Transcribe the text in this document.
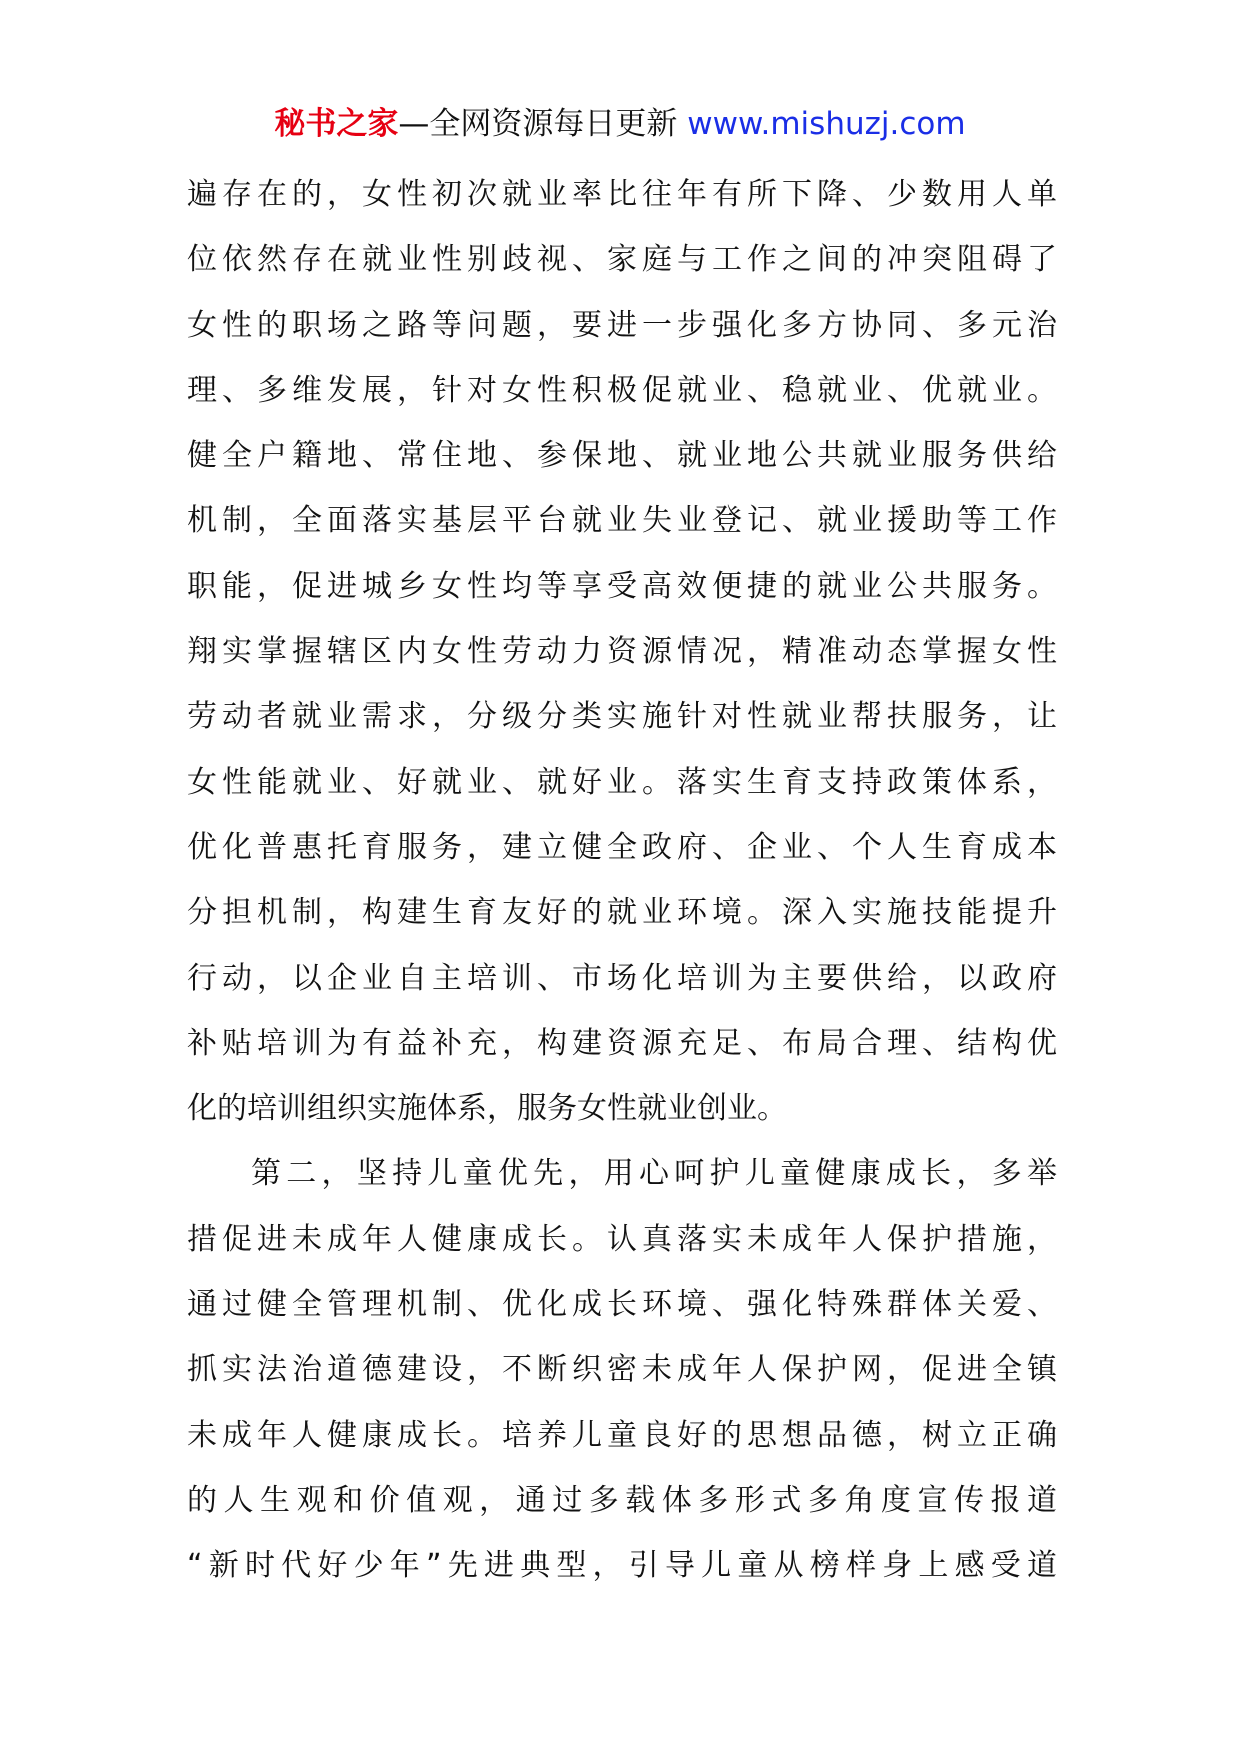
秘书之家—全网资源每日更新 www.mishuzj.com
遍存在的，女性初次就业率比往年有所下降、少数用人单
位依然存在就业性别歧视、家庭与工作之间的冲突阻碍了
女性的职场之路等问题，要进一步强化多方协同、多元治
理、多维发展，针对女性积极促就业、稳就业、优就业。
健全户籍地、常住地、参保地、就业地公共就业服务供给
机制，全面落实基层平台就业失业登记、就业援助等工作
职能，促进城乡女性均等享受高效便捷的就业公共服务。
翔实掌握辖区内女性劳动力资源情况，精准动态掌握女性
劳动者就业需求，分级分类实施针对性就业帮扶服务，让
女性能就业、好就业、就好业。落实生育支持政策体系，
优化普惠托育服务，建立健全政府、企业、个人生育成本
分担机制，构建生育友好的就业环境。深入实施技能提升
行动，以企业自主培训、市场化培训为主要供给，以政府
补贴培训为有益补充，构建资源充足、布局合理、结构优
化的培训组织实施体系，服务女性就业创业。
第二，坚持儿童优先，用心呵护儿童健康成长，多举
措促进未成年人健康成长。认真落实未成年人保护措施，
通过健全管理机制、优化成长环境、强化特殊群体关爱、
抓实法治道德建设，不断织密未成年人保护网，促进全镇
未成年人健康成长。培养儿童良好的思想品德，树立正确
的人生观和价值观，通过多载体多形式多角度宣传报道
“新时代好少年”先进典型，引导儿童从榜样身上感受道
